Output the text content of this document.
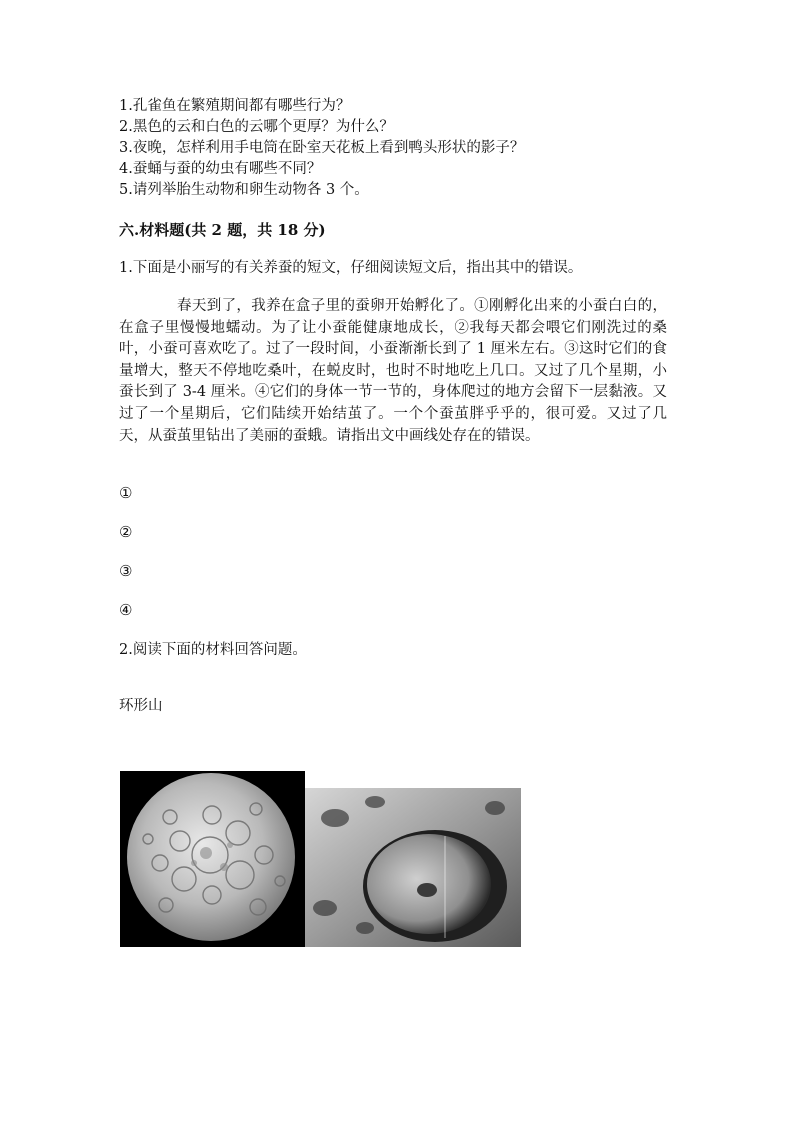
1.孔雀鱼在繁殖期间都有哪些行为？
2.黑色的云和白色的云哪个更厚？为什么？
3.夜晚，怎样利用手电筒在卧室天花板上看到鸭头形状的影子？
4.蚕蛹与蚕的幼虫有哪些不同？
5.请列举胎生动物和卵生动物各 3 个。
六.材料题(共 2 题，共 18 分)
1.下面是小丽写的有关养蚕的短文，仔细阅读短文后，指出其中的错误。
春天到了，我养在盒子里的蚕卵开始孵化了。①刚孵化出来的小蚕白白的，在盒子里慢慢地蠕动。为了让小蚕能健康地成长，②我每天都会喂它们刚洗过的桑叶，小蚕可喜欢吃了。过了一段时间，小蚕渐渐长到了 1 厘米左右。③这时它们的食量增大，整天不停地吃桑叶，在蜕皮时，也时不时地吃上几口。又过了几个星期，小蚕长到了 3-4 厘米。④它们的身体一节一节的，身体爬过的地方会留下一层黏液。又过了一个星期后，它们陆续开始结茧了。一个个蚕茧胖乎乎的，很可爱。又过了几天，从蚕茧里钻出了美丽的蚕蛾。请指出文中画线处存在的错误。
①
②
③
④
2.阅读下面的材料回答问题。
环形山
